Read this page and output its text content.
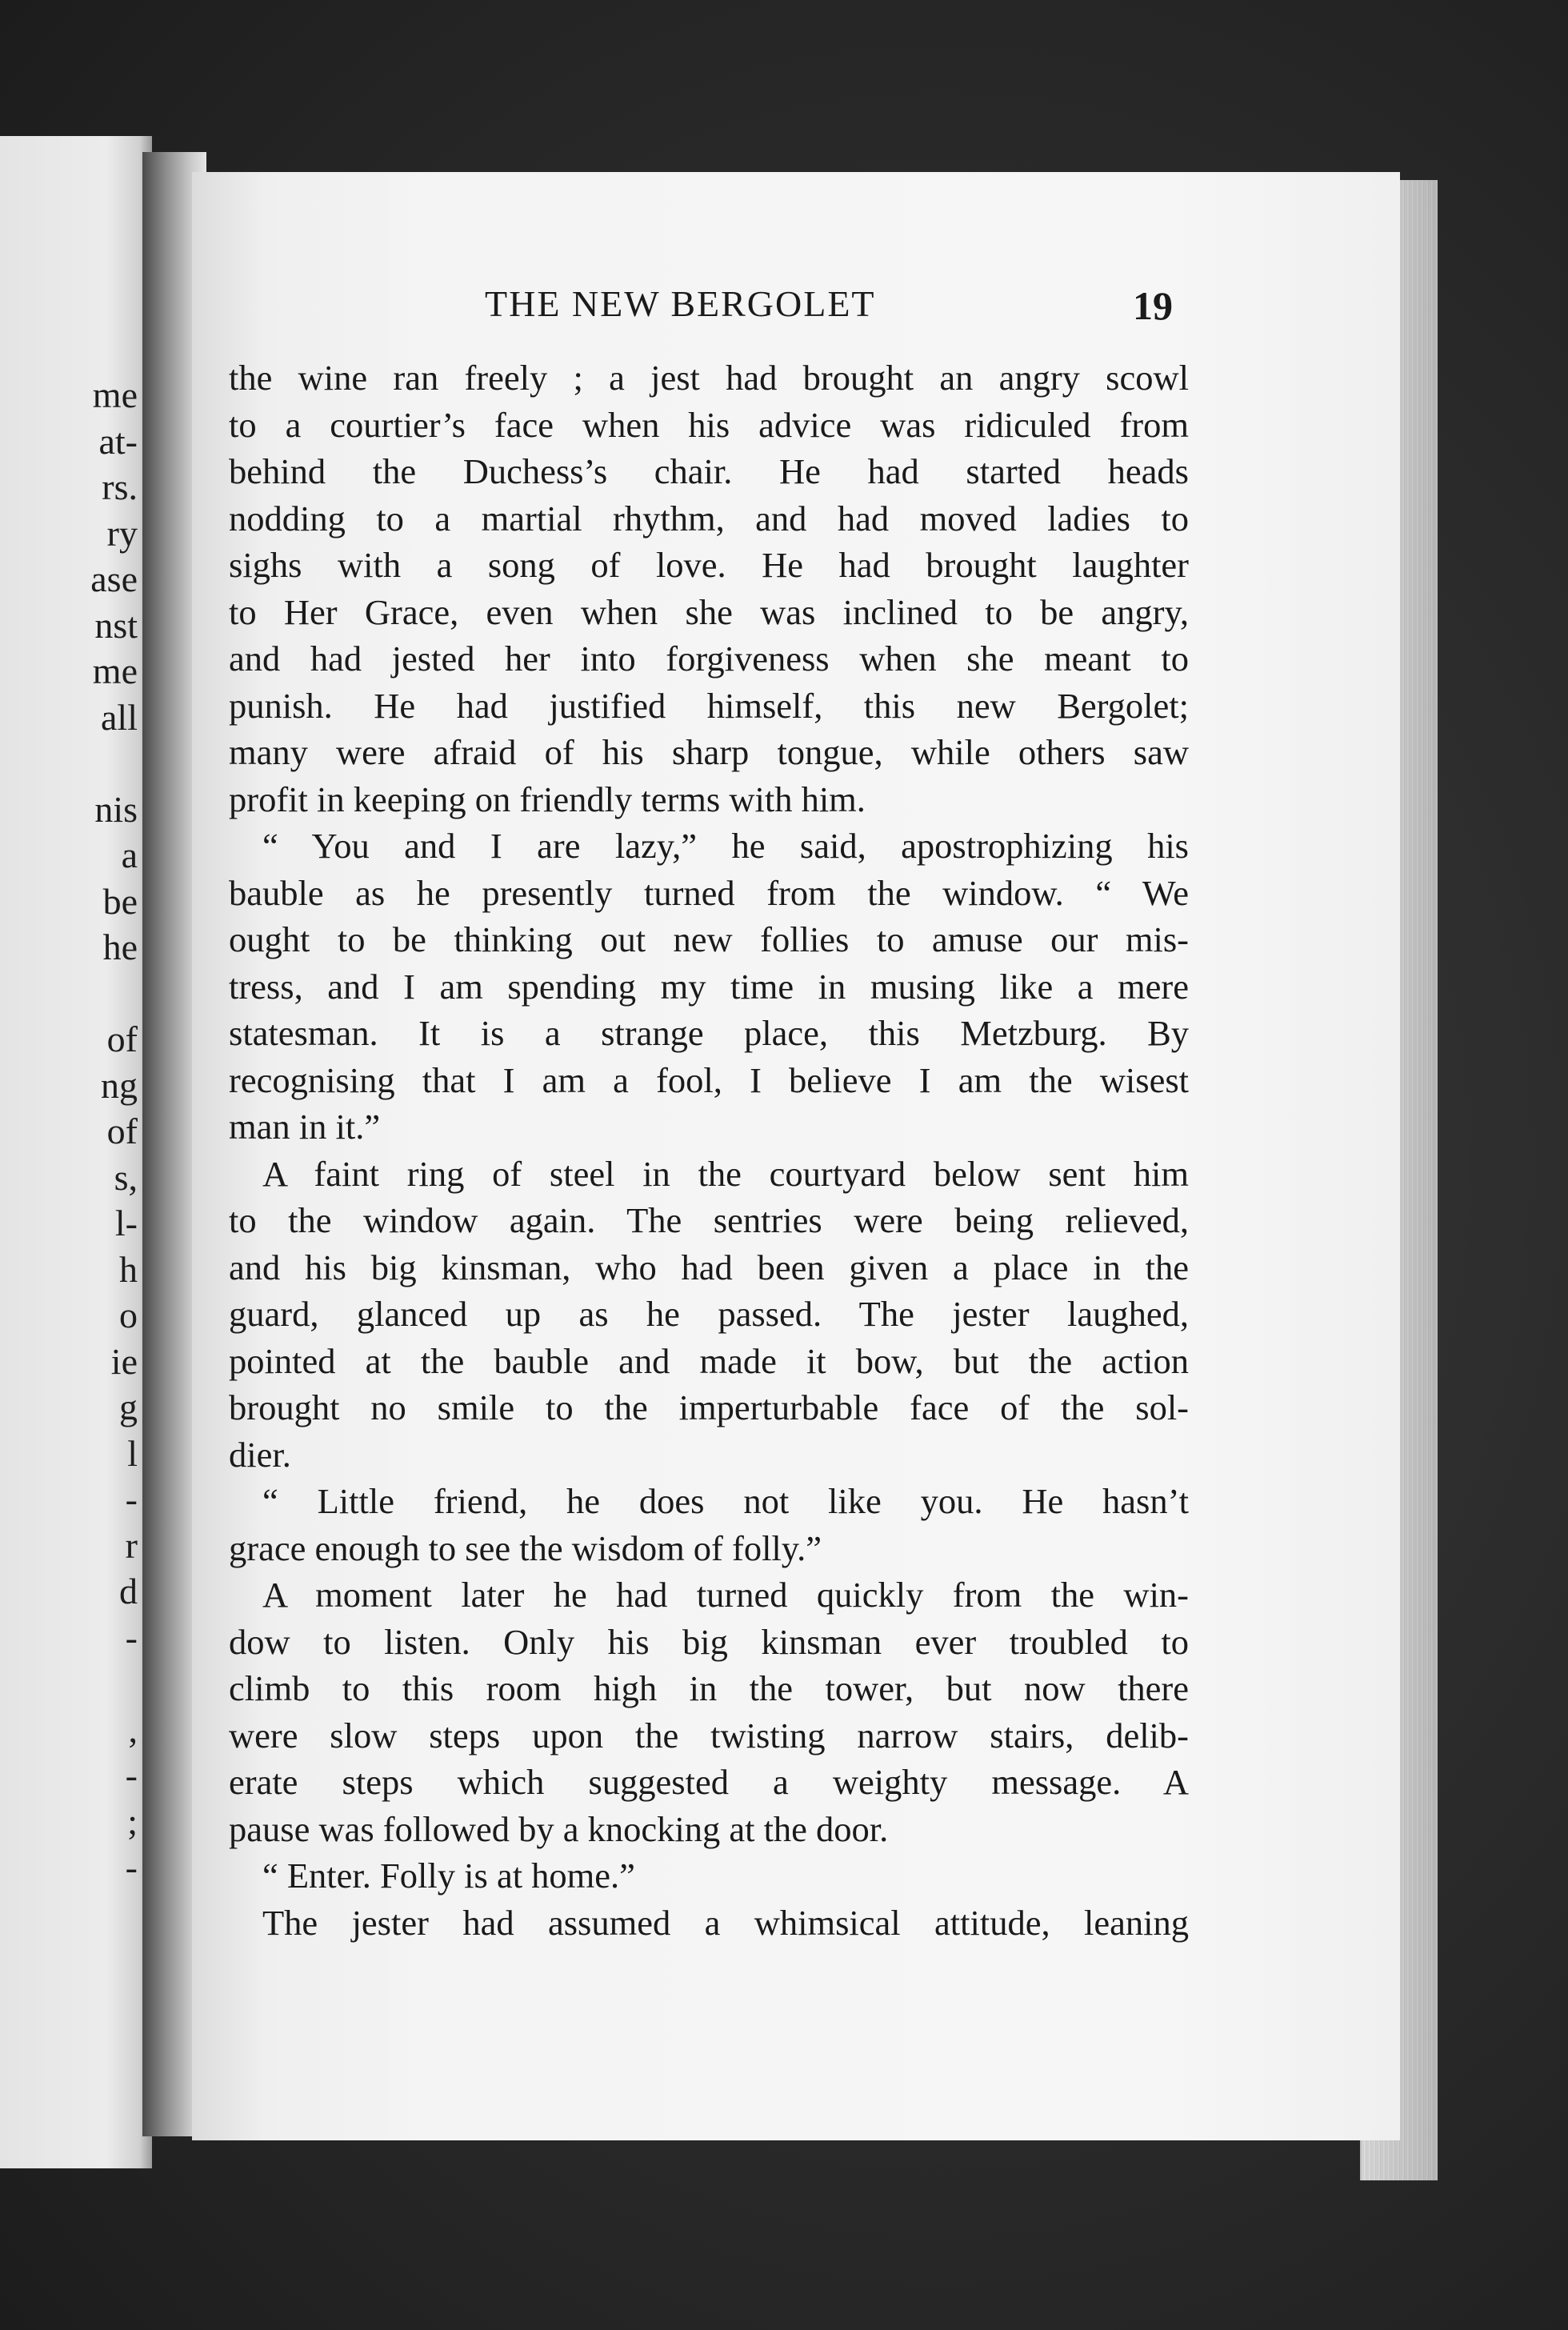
me
at-
rs.
ry
ase
nst
me
all
nis
a
be
he
of
ng
of
s,
l-
h
o
ie
g
l
-
r
d
-
,
-
;
-
THE NEW BERGOLET	19
the wine ran freely ; a jest had brought an angry scowl
to a courtier’s face when his advice was ridiculed from
behind the Duchess’s chair. He had started heads
nodding to a martial rhythm, and had moved ladies to
sighs with a song of love. He had brought laughter
to Her Grace, even when she was inclined to be angry,
and had jested her into forgiveness when she meant to
punish. He had justified himself, this new Bergolet;
many were afraid of his sharp tongue, while others saw
profit in keeping on friendly terms with him.
“ You and I are lazy,” he said, apostrophizing his
bauble as he presently turned from the window. “ We
ought to be thinking out new follies to amuse our mis-
tress, and I am spending my time in musing like a mere
statesman. It is a strange place, this Metzburg. By
recognising that I am a fool, I believe I am the wisest
man in it.”
A faint ring of steel in the courtyard below sent him
to the window again. The sentries were being relieved,
and his big kinsman, who had been given a place in the
guard, glanced up as he passed. The jester laughed,
pointed at the bauble and made it bow, but the action
brought no smile to the imperturbable face of the sol-
dier.
“ Little friend, he does not like you. He hasn’t
grace enough to see the wisdom of folly.”
A moment later he had turned quickly from the win-
dow to listen. Only his big kinsman ever troubled to
climb to this room high in the tower, but now there
were slow steps upon the twisting narrow stairs, delib-
erate steps which suggested a weighty message. A
pause was followed by a knocking at the door.
“ Enter. Folly is at home.”
The jester had assumed a whimsical attitude, leaning
